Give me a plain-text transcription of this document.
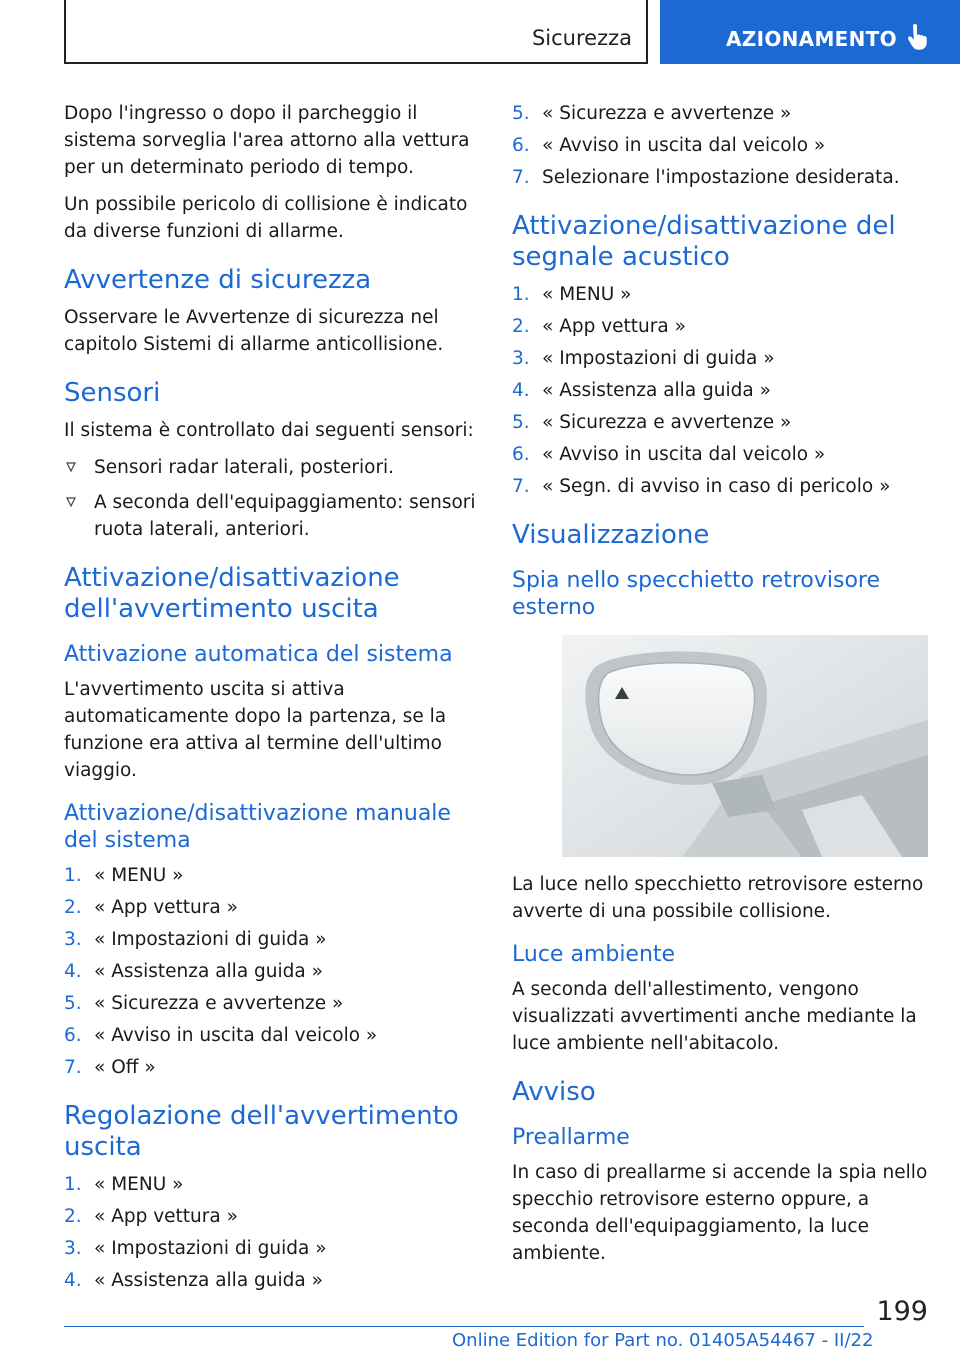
Sicurezza	AZIONAMENTO

Dopo l'ingresso o dopo il parcheggio il sistema sorveglia l'area attorno alla vettura per un determinato periodo di tempo.

Un possibile pericolo di collisione è indicato da diverse funzioni di allarme.

Avvertenze di sicurezza

Osservare le Avvertenze di sicurezza nel capitolo Sistemi di allarme anticollisione.

Sensori

Il sistema è controllato dai seguenti sensori:

Sensori radar laterali, posteriori.
A seconda dell'equipaggiamento: sensori ruota laterali, anteriori.
Attivazione/disattivazione dell'avvertimento uscita
Attivazione automatica del sistema

L'avvertimento uscita si attiva automaticamente dopo la partenza, se la funzione era attiva al termine dell'ultimo viaggio.

Attivazione/disattivazione manuale del sistema
1. « MENU »
2. « App vettura »
3. « Impostazioni di guida »
4. « Assistenza alla guida »
5. « Sicurezza e avvertenze »
6. « Avviso in uscita dal veicolo »
7. « Off »
Regolazione dell'avvertimento uscita
1. « MENU »
2. « App vettura »
3. « Impostazioni di guida »
4. « Assistenza alla guida »
5. « Sicurezza e avvertenze »
6. « Avviso in uscita dal veicolo »
7. Selezionare l'impostazione desiderata.
Attivazione/disattivazione del segnale acustico
1. « MENU »
2. « App vettura »
3. « Impostazioni di guida »
4. « Assistenza alla guida »
5. « Sicurezza e avvertenze »
6. « Avviso in uscita dal veicolo »
7. « Segn. di avviso in caso di pericolo »
Visualizzazione
Spia nello specchietto retrovisore esterno

La luce nello specchietto retrovisore esterno avverte di una possibile collisione.

Luce ambiente

A seconda dell'allestimento, vengono visualizzati avvertimenti anche mediante la luce ambiente nell'abitacolo.

Avviso
Preallarme

In caso di preallarme si accende la spia nello specchio retrovisore esterno oppure, a seconda dell'equipaggiamento, la luce ambiente.

199
Online Edition for Part no. 01405A54467 - II/22
